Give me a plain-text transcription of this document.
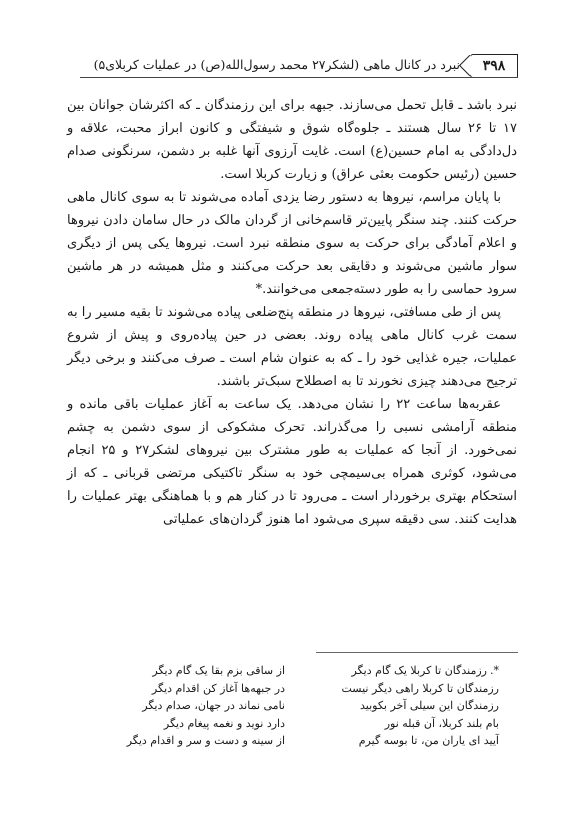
۳۹۸
نبرد در کانال ماهی (لشکر۲۷ محمد رسول‌الله(ص) در عملیات کربلای۵)

نبرد باشد ـ قابل تحمل می‌سازند. جبهه برای این رزمندگان ـ که اکثرشان جوانان بین ۱۷ تا ۲۶ سال هستند ـ جلوه‌گاه شوق و شیفتگی و کانون ابراز محبت، علاقه و دل‌دادگی به امام حسین(ع) است. غایت آرزوی آنها غلبه بر دشمن، سرنگونی صدام حسین (رئیس حکومت بعثی عراق) و زیارت کربلا است.

با پایان مراسم، نیروها به دستور رضا یزدی آماده می‌شوند تا به سوی کانال ماهی حرکت کنند. چند سنگر پایین‌تر قاسم‌خانی از گردان مالک در حال سامان دادن نیروها و اعلام آمادگی برای حرکت به سوی منطقه نبرد است. نیروها یکی پس از دیگری سوار ماشین می‌شوند و دقایقی بعد حرکت می‌کنند و مثل همیشه در هر ماشین سرود حماسی را به طور دسته‌جمعی می‌خوانند.*

پس از طی مسافتی، نیروها در منطقه پنج‌ضلعی پیاده می‌شوند تا بقیه مسیر را به سمت غرب کانال ماهی پیاده روند. بعضی در حین پیاده‌روی و پیش از شروع عملیات، جیره غذایی خود را ـ که به عنوان شام است ـ صرف می‌کنند و برخی دیگر ترجیح می‌دهند چیزی نخورند تا به اصطلاح سبک‌تر باشند.

عقربه‌ها ساعت ۲۲ را نشان می‌دهد. یک ساعت به آغاز عملیات باقی مانده و منطقه آرامشی نسبی را می‌گذراند. تحرک مشکوکی از سوی دشمن به چشم نمی‌خورد. از آنجا که عملیات به طور مشترک بین نیروهای لشکر۲۷ و ۲۵ انجام می‌شود، کوثری همراه بی‌سیمچی خود به سنگر تاکتیکی مرتضی قربانی ـ که از استحکام بهتری برخوردار است ـ می‌رود تا در کنار هم و با هماهنگی بهتر عملیات را هدایت کنند. سی دقیقه سپری می‌شود اما هنوز گردان‌های عملیاتی

*.رزمندگان تا کربلا یک گام دیگر
رزمندگان تا کربلا راهی دیگر نیست
رزمندگان این سیلی آخر بکوبید
بام بلند کربلا، آن قبله نور
آیید ای یاران من، تا بوسه گیرم
از ساقی بزم بقا یک گام دیگر
در جبهه‌ها آغاز کن اقدام دیگر
نامی نماند در جهان، صدام دیگر
دارد نوید و نغمه پیغام دیگر
از سینه و دست و سر و اقدام دیگر
